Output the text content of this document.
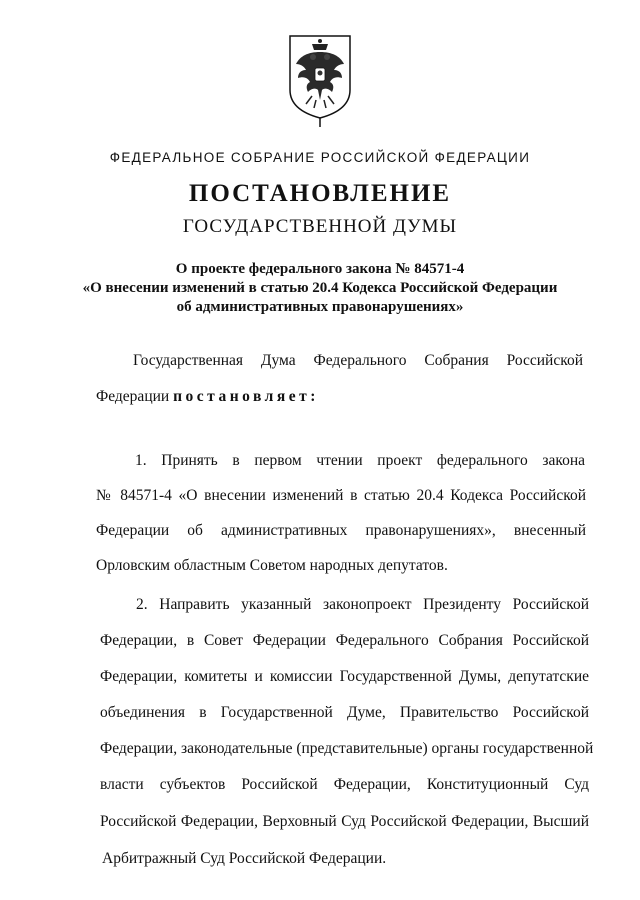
ФЕДЕРАЛЬНОЕ СОБРАНИЕ РОССИЙСКОЙ ФЕДЕРАЦИИ
ПОСТАНОВЛЕНИЕ
ГОСУДАРСТВЕННОЙ ДУМЫ
О проекте федерального закона № 84571-4
«О внесении изменений в статью 20.4 Кодекса Российской Федерации
об административных правонарушениях»
Государственная Дума Федерального Собрания Российской
Федерации постановляет:
1. Принять в первом чтении проект федерального закона
№ 84571-4 «О внесении изменений в статью 20.4 Кодекса Российской
Федерации об административных правонарушениях», внесенный
Орловским областным Советом народных депутатов.
2. Направить указанный законопроект Президенту Российской
Федерации, в Совет Федерации Федерального Собрания Российской
Федерации, комитеты и комиссии Государственной Думы, депутатские
объединения в Государственной Думе, Правительство Российской
Федерации, законодательные (представительные) органы государственной
власти субъектов Российской Федерации, Конституционный Суд
Российской Федерации, Верховный Суд Российской Федерации, Высший
Арбитражный Суд Российской Федерации.
